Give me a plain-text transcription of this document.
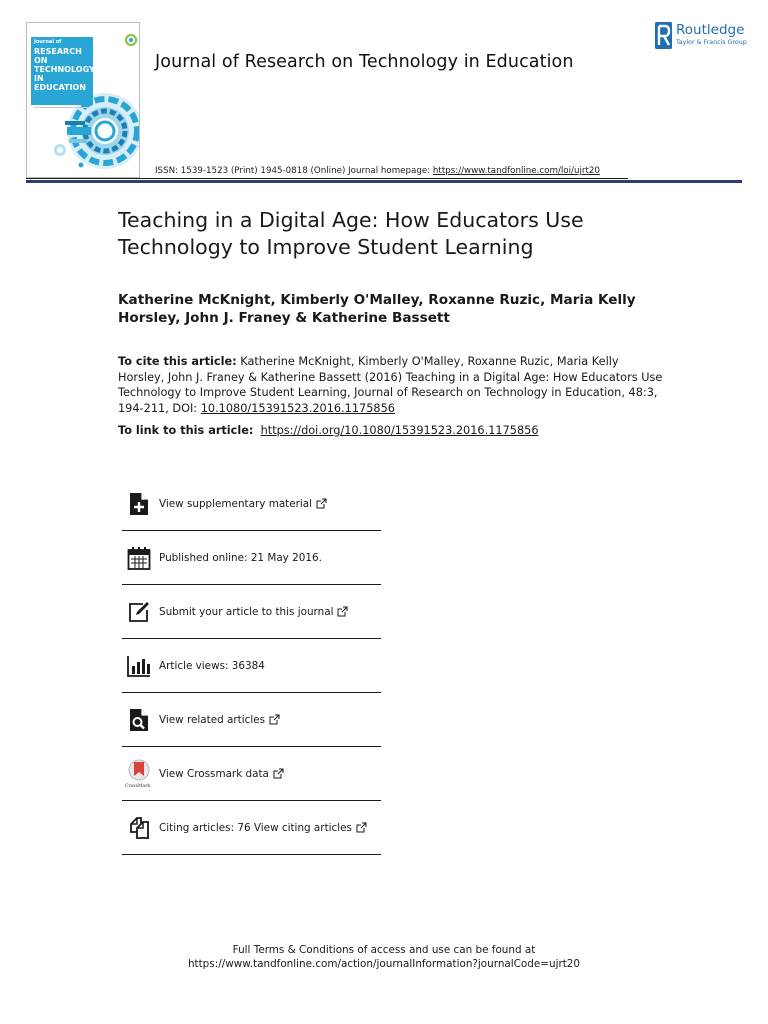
Journal of
RESEARCH ON
TECHNOLOGY
IN EDUCATION
Journal of Research on Technology in Education
Routledge
Taylor & Francis Group
ISSN: 1539-1523 (Print) 1945-0818 (Online) Journal homepage: https://www.tandfonline.com/loi/ujrt20
Teaching in a Digital Age: How Educators Use Technology to Improve Student Learning
Katherine McKnight, Kimberly O'Malley, Roxanne Ruzic, Maria Kelly Horsley, John J. Franey & Katherine Bassett
To cite this article: Katherine McKnight, Kimberly O'Malley, Roxanne Ruzic, Maria Kelly Horsley, John J. Franey & Katherine Bassett (2016) Teaching in a Digital Age: How Educators Use Technology to Improve Student Learning, Journal of Research on Technology in Education, 48:3, 194-211, DOI: 10.1080/15391523.2016.1175856
To link to this article: https://doi.org/10.1080/15391523.2016.1175856
View supplementary material
Published online: 21 May 2016.
Submit your article to this journal
Article views: 36384
View related articles
CrossMark
View Crossmark data
Citing articles: 76 View citing articles
Full Terms & Conditions of access and use can be found at
https://www.tandfonline.com/action/journalInformation?journalCode=ujrt20
